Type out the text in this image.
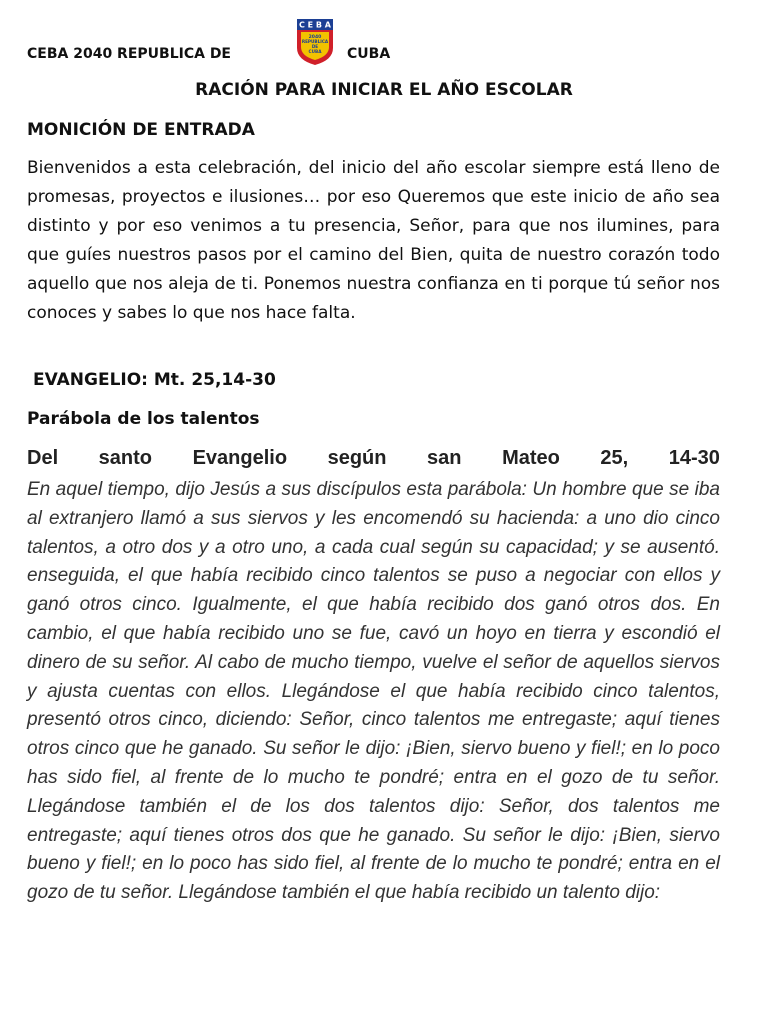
CEBA 2040 REPUBLICA DE
C E B A
2040
REPUBLICA
DE
CUBA CUBA
RACIÓN PARA INICIAR EL AÑO ESCOLAR
MONICIÓN DE ENTRADA

Bienvenidos a esta celebración, del inicio del año escolar siempre está lleno de promesas, proyectos e ilusiones… por eso Queremos que este inicio de año sea distinto y por eso venimos a tu presencia, Señor, para que nos ilumines, para que guíes nuestros pasos por el camino del Bien, quita de nuestro corazón todo aquello que nos aleja de ti. Ponemos nuestra confianza en ti porque tú señor nos conoces y sabes lo que nos hace falta.

EVANGELIO: Mt. 25,14-30
Parábola de los talentos
Del santo Evangelio según san Mateo 25, 14-30

En aquel tiempo, dijo Jesús a sus discípulos esta parábola: Un hombre que se iba al extranjero llamó a sus siervos y les encomendó su hacienda: a uno dio cinco talentos, a otro dos y a otro uno, a cada cual según su capacidad; y se ausentó. enseguida, el que había recibido cinco talentos se puso a negociar con ellos y ganó otros cinco. Igualmente, el que había recibido dos ganó otros dos. En cambio, el que había recibido uno se fue, cavó un hoyo en tierra y escondió el dinero de su señor. Al cabo de mucho tiempo, vuelve el señor de aquellos siervos y ajusta cuentas con ellos. Llegándose el que había recibido cinco talentos, presentó otros cinco, diciendo: Señor, cinco talentos me entregaste; aquí tienes otros cinco que he ganado. Su señor le dijo: ¡Bien, siervo bueno y fiel!; en lo poco has sido fiel, al frente de lo mucho te pondré; entra en el gozo de tu señor. Llegándose también el de los dos talentos dijo: Señor, dos talentos me entregaste; aquí tienes otros dos que he ganado. Su señor le dijo: ¡Bien, siervo bueno y fiel!; en lo poco has sido fiel, al frente de lo mucho te pondré; entra en el gozo de tu señor. Llegándose también el que había recibido un talento dijo:
